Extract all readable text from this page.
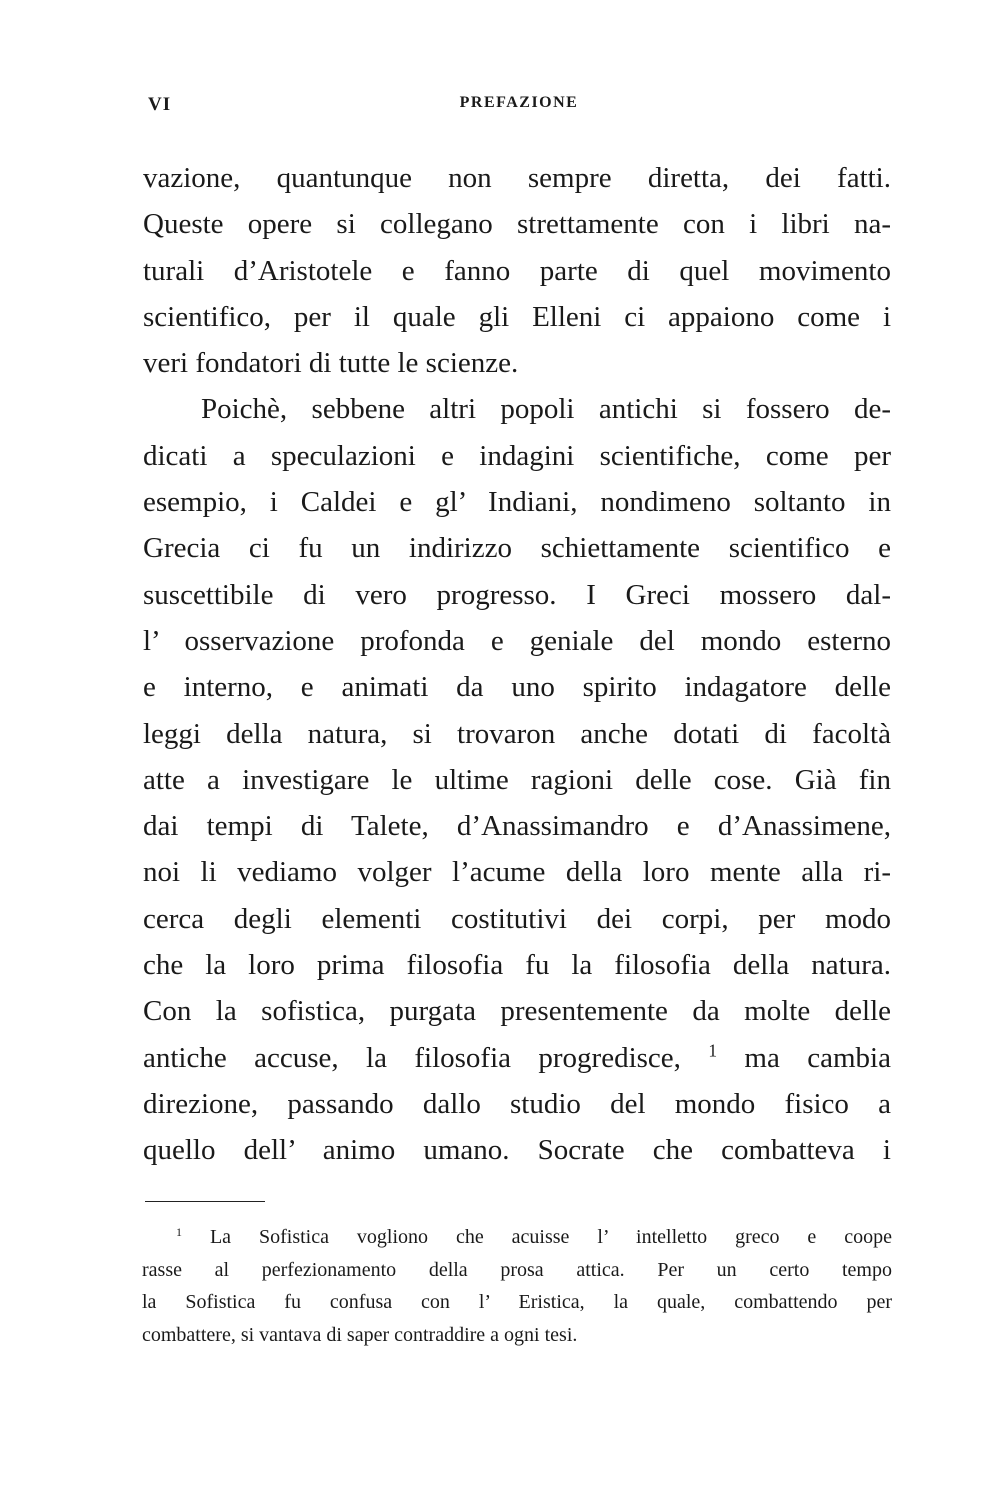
VI	PREFAZIONE
vazione, quantunque non sempre diretta, dei fatti.
Queste opere si collegano strettamente con i libri na-
turali d’Aristotele e fanno parte di quel movimento
scientifico, per il quale gli Elleni ci appaiono come i
veri fondatori di tutte le scienze.
Poichè, sebbene altri popoli antichi si fossero de-
dicati a speculazioni e indagini scientifiche, come per
esempio, i Caldei e gl’ Indiani, nondimeno soltanto in
Grecia ci fu un indirizzo schiettamente scientifico e
suscettibile di vero progresso. I Greci mossero dal-
l’ osservazione profonda e geniale del mondo esterno
e interno, e animati da uno spirito indagatore delle
leggi della natura, si trovaron anche dotati di facoltà
atte a investigare le ultime ragioni delle cose. Già fin
dai tempi di Talete, d’Anassimandro e d’Anassimene,
noi li vediamo volger l’acume della loro mente alla ri-
cerca degli elementi costitutivi dei corpi, per modo
che la loro prima filosofia fu la filosofia della natura.
Con la sofistica, purgata presentemente da molte delle
antiche accuse, la filosofia progredisce, $^1$ ma cambia
direzione, passando dallo studio del mondo fisico a
quello dell’ animo umano. Socrate che combatteva i
$^1$ La Sofistica vogliono che acuisse l’ intelletto greco e coope
rasse al perfezionamento della prosa attica. Per un certo tempo
la Sofistica fu confusa con l’ Eristica, la quale, combattendo per
combattere, si vantava di saper contraddire a ogni tesi.
